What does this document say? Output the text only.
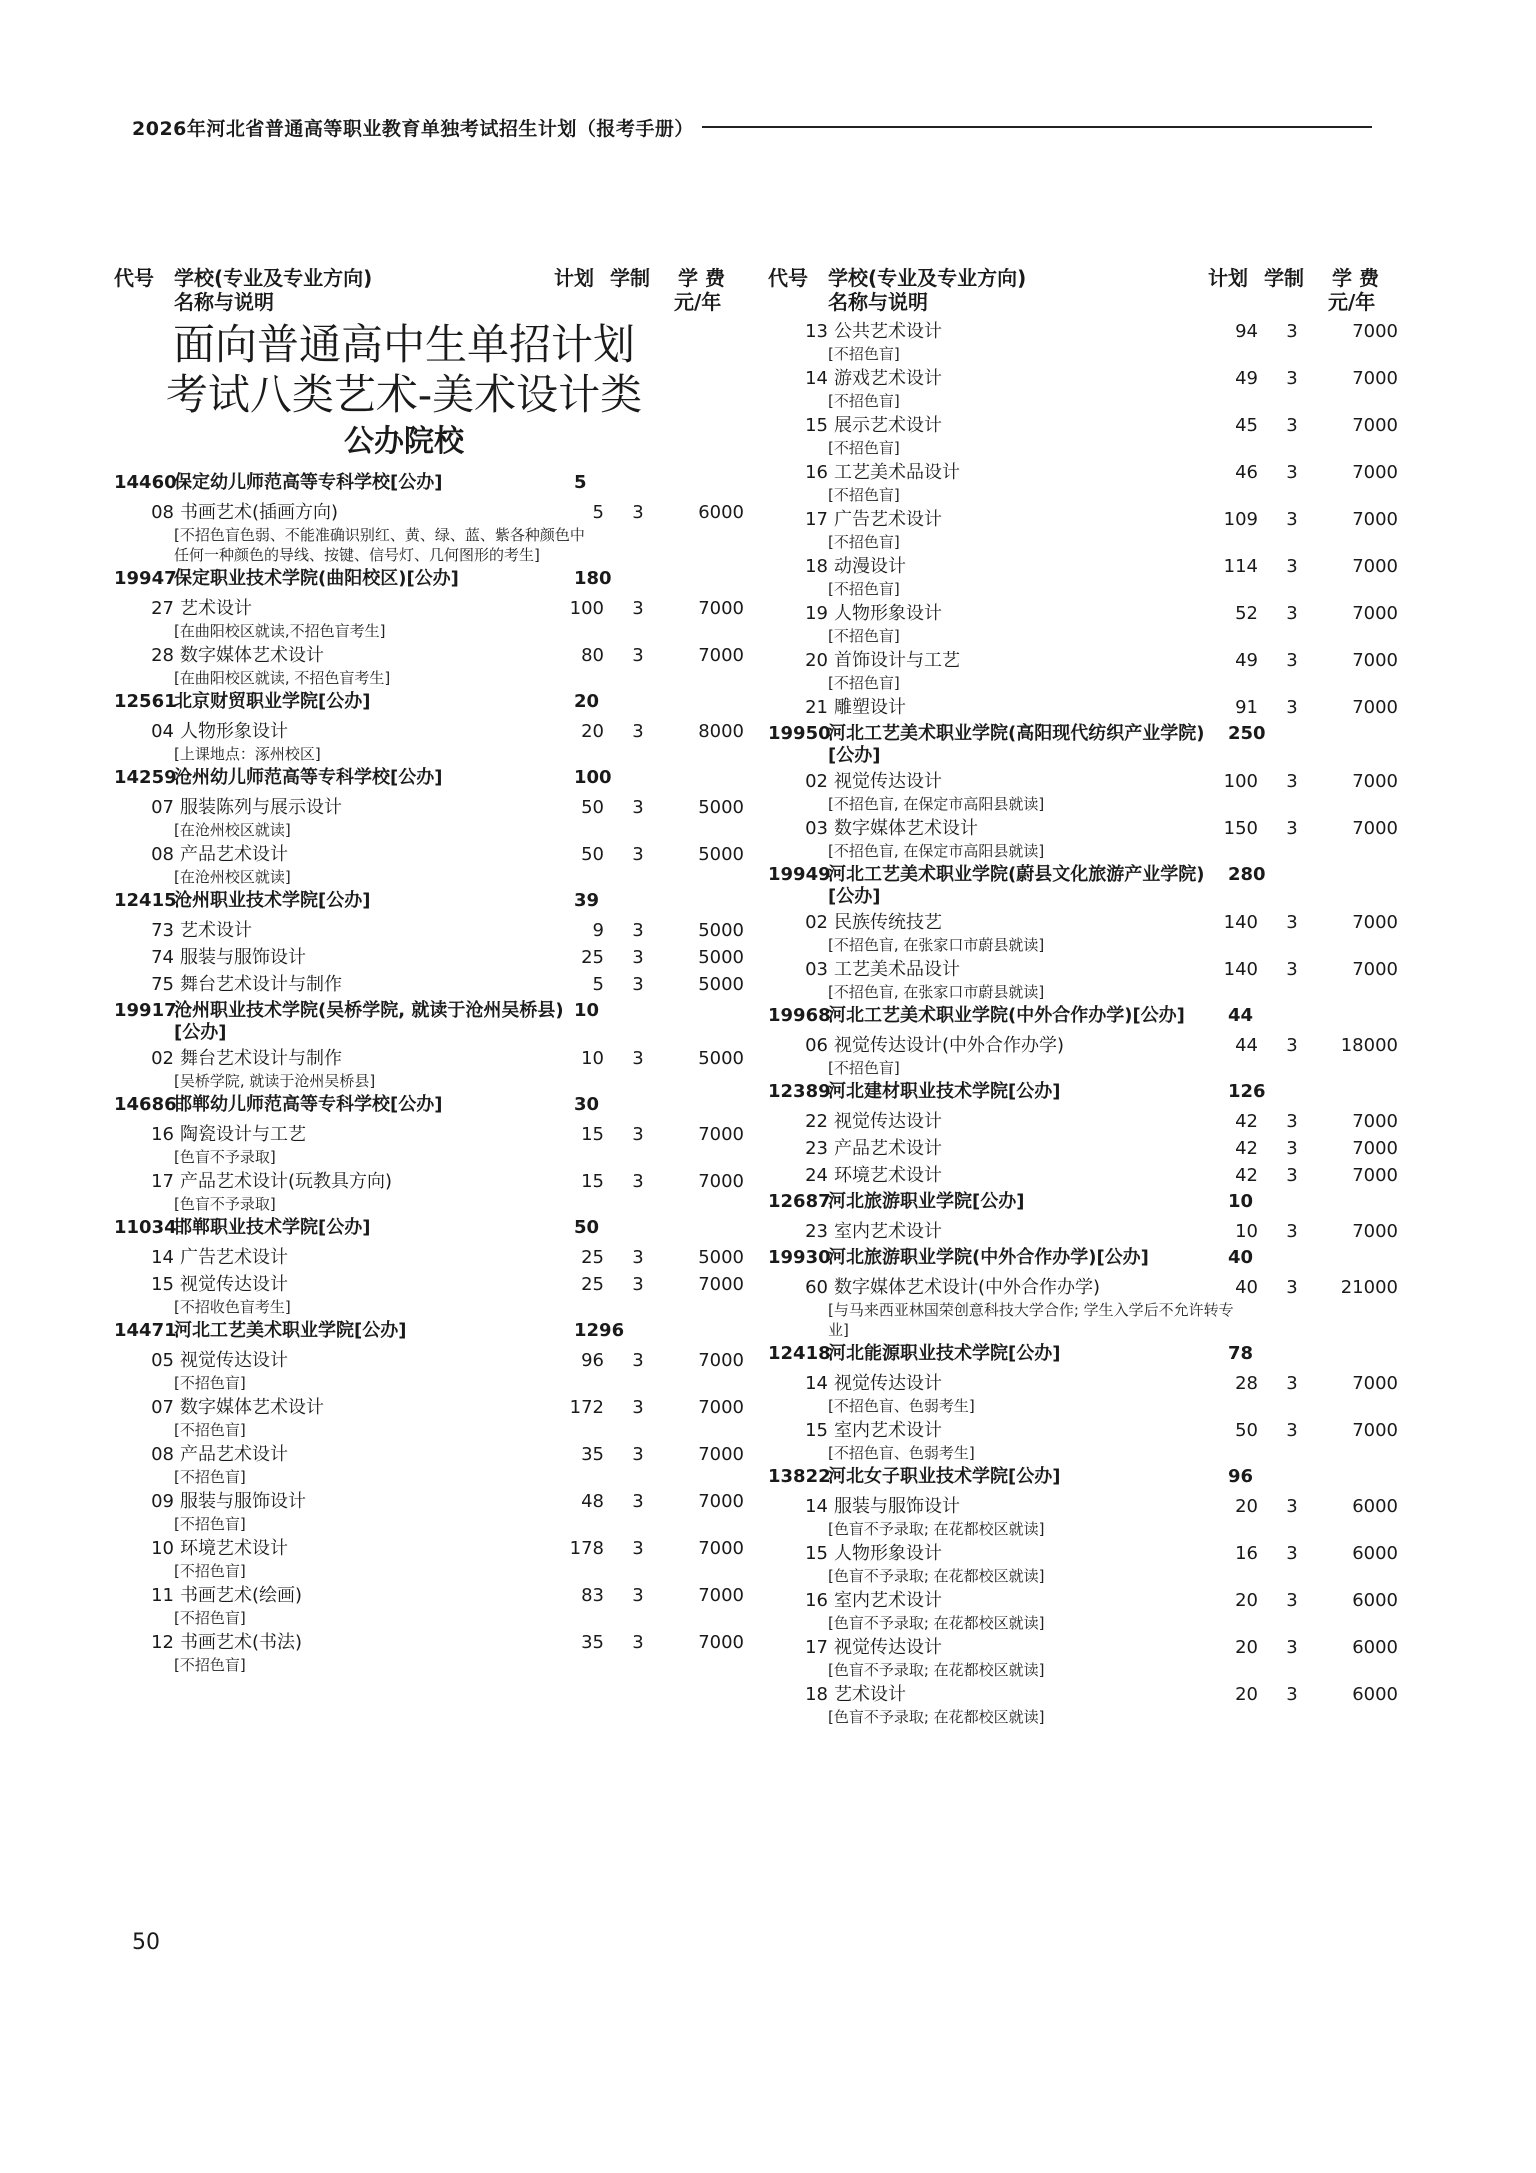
2026年河北省普通高等职业教育单独考试招生计划（报考手册）
代号 学校(专业及专业方向)
名称与说明
计划 学制 学 费
元/年
面向普通高中生单招计划
考试八类艺术-美术设计类
公办院校
14460
保定幼儿师范高等专科学校[公办]	5
08 书画艺术(插画方向)	5 3	6000
[不招色盲色弱、不能准确识别红、黄、绿、蓝、紫各种颜色中任何一种颜色的导线、按键、信号灯、几何图形的考生]
19947
保定职业技术学院(曲阳校区)[公办]	180
27 艺术设计	100 3	7000
[在曲阳校区就读,不招色盲考生]
28 数字媒体艺术设计	80 3	7000
[在曲阳校区就读, 不招色盲考生]
12561
北京财贸职业学院[公办]	20
04 人物形象设计	20 3	8000
[上课地点：涿州校区]
14259
沧州幼儿师范高等专科学校[公办]	100
07 服装陈列与展示设计	50 3	5000
[在沧州校区就读]
08 产品艺术设计	50 3	5000
[在沧州校区就读]
12415
沧州职业技术学院[公办]	39
73 艺术设计	9 3	5000
74 服装与服饰设计	25 3	5000
75 舞台艺术设计与制作	5 3	5000
19917
沧州职业技术学院(吴桥学院, 就读于沧州吴桥县)[公办]
10
02 舞台艺术设计与制作	10 3	5000
[吴桥学院, 就读于沧州吴桥县]
14686
邯郸幼儿师范高等专科学校[公办]	30
16 陶瓷设计与工艺	15 3	7000
[色盲不予录取]
17 产品艺术设计(玩教具方向)	15 3	7000
[色盲不予录取]
11034
邯郸职业技术学院[公办]	50
14 广告艺术设计	25 3	5000
15 视觉传达设计	25 3	7000
[不招收色盲考生]
14471
河北工艺美术职业学院[公办]	1296
05 视觉传达设计	96 3	7000
[不招色盲]
07 数字媒体艺术设计	172 3	7000
[不招色盲]
08 产品艺术设计	35 3	7000
[不招色盲]
09 服装与服饰设计	48 3	7000
[不招色盲]
10 环境艺术设计	178 3	7000
[不招色盲]
11 书画艺术(绘画)	83 3	7000
[不招色盲]
12 书画艺术(书法)	35 3	7000
[不招色盲]
代号 学校(专业及专业方向)
名称与说明
计划 学制 学 费
元/年
13 公共艺术设计	94 3	7000
[不招色盲]
14 游戏艺术设计	49 3	7000
[不招色盲]
15 展示艺术设计	45 3	7000
[不招色盲]
16 工艺美术品设计	46 3	7000
[不招色盲]
17 广告艺术设计	109 3	7000
[不招色盲]
18 动漫设计	114 3	7000
[不招色盲]
19 人物形象设计	52 3	7000
[不招色盲]
20 首饰设计与工艺	49 3	7000
[不招色盲]
21 雕塑设计	91 3	7000
19950
河北工艺美术职业学院(高阳现代纺织产业学院)[公办]
250
02 视觉传达设计	100 3	7000
[不招色盲, 在保定市高阳县就读]
03 数字媒体艺术设计	150 3	7000
[不招色盲, 在保定市高阳县就读]
19949
河北工艺美术职业学院(蔚县文化旅游产业学院)[公办]
280
02 民族传统技艺	140 3	7000
[不招色盲, 在张家口市蔚县就读]
03 工艺美术品设计	140 3	7000
[不招色盲, 在张家口市蔚县就读]
19968
河北工艺美术职业学院(中外合作办学)[公办]	44
06 视觉传达设计(中外合作办学)	44 3	18000
[不招色盲]
12389
河北建材职业技术学院[公办]	126
22 视觉传达设计	42 3	7000
23 产品艺术设计	42 3	7000
24 环境艺术设计	42 3	7000
12687
河北旅游职业学院[公办]	10
23 室内艺术设计	10 3	7000
19930
河北旅游职业学院(中外合作办学)[公办]	40
60 数字媒体艺术设计(中外合作办学)	40 3	21000
[与马来西亚林国荣创意科技大学合作; 学生入学后不允许转专业]
12418
河北能源职业技术学院[公办]	78
14 视觉传达设计	28 3	7000
[不招色盲、色弱考生]
15 室内艺术设计	50 3	7000
[不招色盲、色弱考生]
13822
河北女子职业技术学院[公办]	96
14 服装与服饰设计	20 3	6000
[色盲不予录取; 在花都校区就读]
15 人物形象设计	16 3	6000
[色盲不予录取; 在花都校区就读]
16 室内艺术设计	20 3	6000
[色盲不予录取; 在花都校区就读]
17 视觉传达设计	20 3	6000
[色盲不予录取; 在花都校区就读]
18 艺术设计	20 3	6000
[色盲不予录取; 在花都校区就读]
50
